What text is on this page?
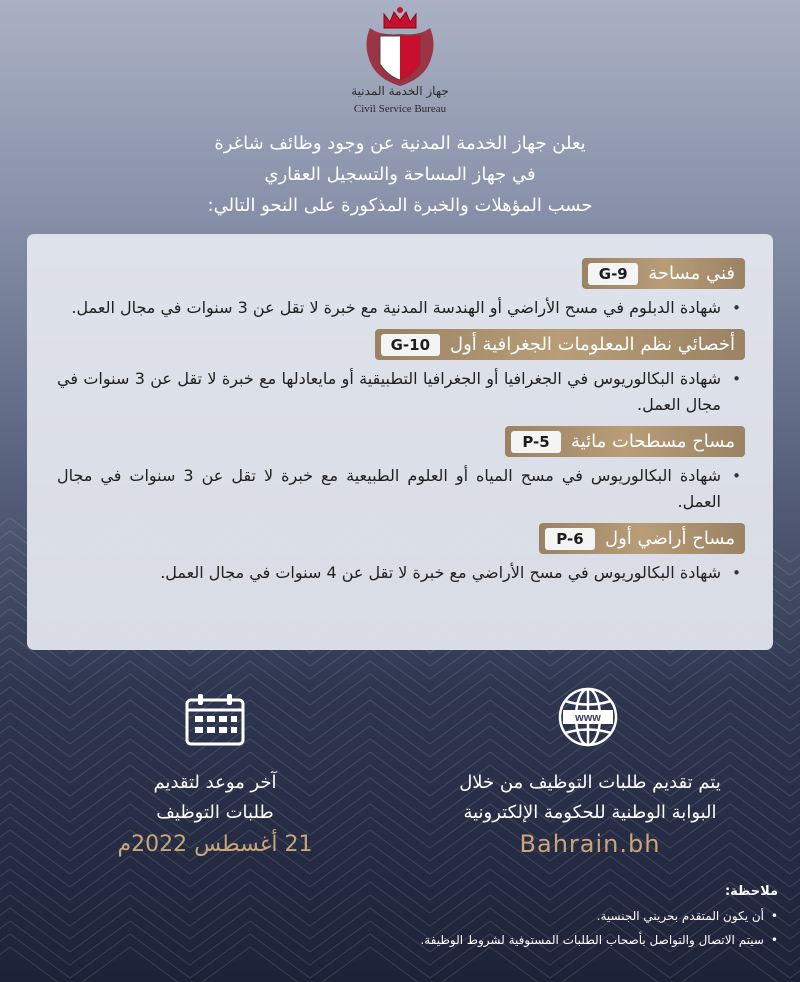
جهاز الخدمة المدنية
Civil Service Bureau
يعلن جهاز الخدمة المدنية عن وجود وظائف شاغرة
في جهاز المساحة والتسجيل العقاري
حسب المؤهلات والخبرة المذكورة على النحو التالي:
فني مساحة
G-9
•
شهادة الدبلوم في مسح الأراضي أو الهندسة المدنية مع خبرة لا تقل عن 3 سنوات في مجال العمل.
أخصائي نظم المعلومات الجغرافية أول
G-10
•
شهادة البكالوريوس في الجغرافيا أو الجغرافيا التطبيقية أو مايعادلها مع خبرة لا تقل عن 3 سنوات في مجال العمل.
مساح مسطحات مائية
P-5
•
شهادة البكالوريوس في مسح المياه أو العلوم الطبيعية مع خبرة لا تقل عن 3 سنوات في مجال العمل.
مساح أراضي أول
P-6
•
شهادة البكالوريوس في مسح الأراضي مع خبرة لا تقل عن 4 سنوات في مجال العمل.
www
آخر موعد لتقديم
طلبات التوظيف
21 أغسطس 2022م
يتم تقديم طلبات التوظيف من خلال
البوابة الوطنية للحكومة الإلكترونية
Bahrain.bh
ملاحظة:
•
أن يكون المتقدم بحريني الجنسية.
•
سيتم الاتصال والتواصل بأصحاب الطلبات المستوفية لشروط الوظيفة.
